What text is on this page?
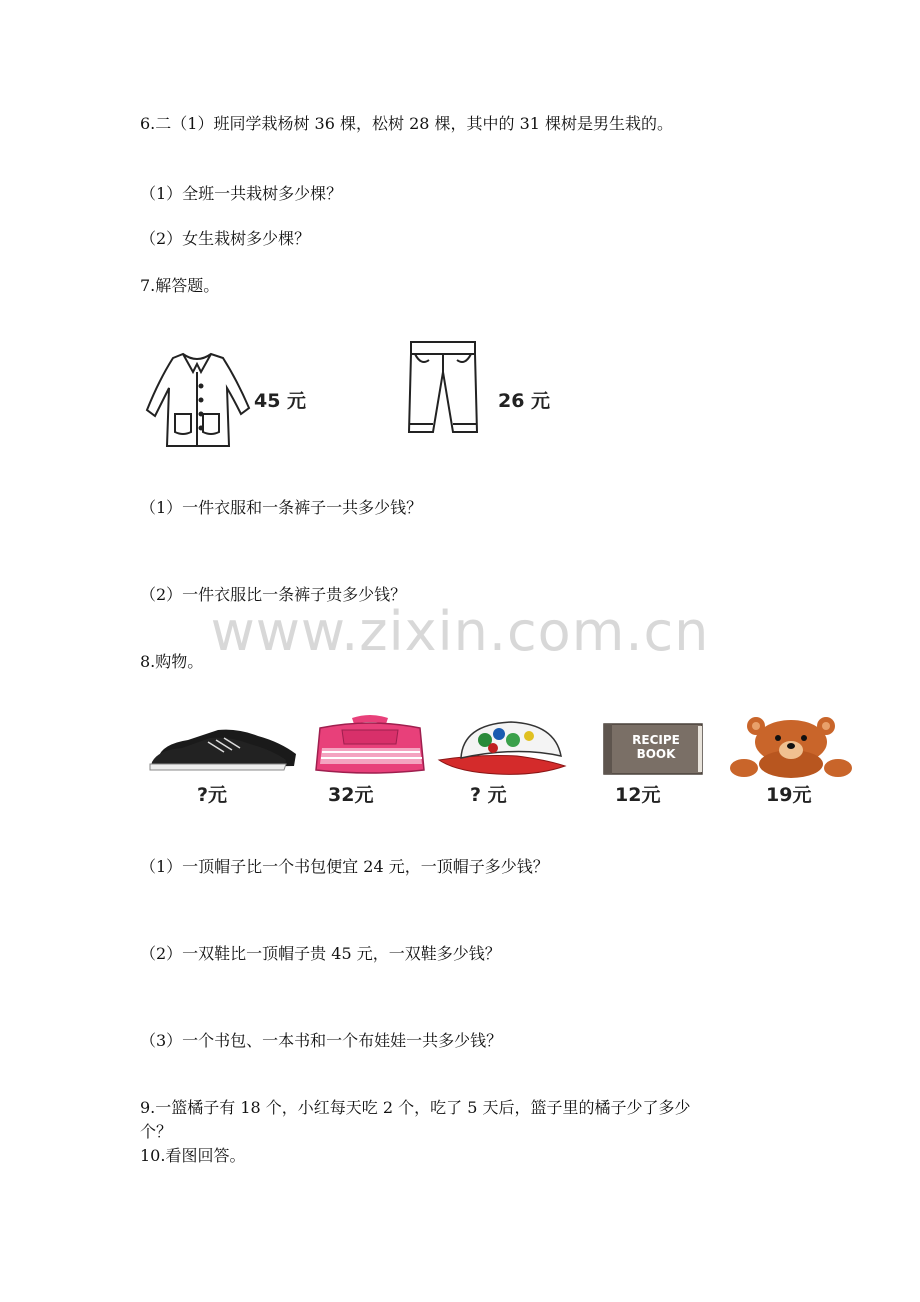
6.二（1）班同学栽杨树 36 棵，松树 28 棵，其中的 31 棵树是男生栽的。
（1）全班一共栽树多少棵？
（2）女生栽树多少棵？
7.解答题。
45 元	26 元
（1）一件衣服和一条裤子一共多少钱？
（2）一件衣服比一条裤子贵多少钱？
www.zixin.com.cn
8.购物。
?元	32元	? 元
RECIPE
BOOK
12元	19元
（1）一顶帽子比一个书包便宜 24 元，一顶帽子多少钱？
（2）一双鞋比一顶帽子贵 45 元，一双鞋多少钱？
（3）一个书包、一本书和一个布娃娃一共多少钱？
9.一篮橘子有 18 个，小红每天吃 2 个，吃了 5 天后，篮子里的橘子少了多少
个？
10.看图回答。
